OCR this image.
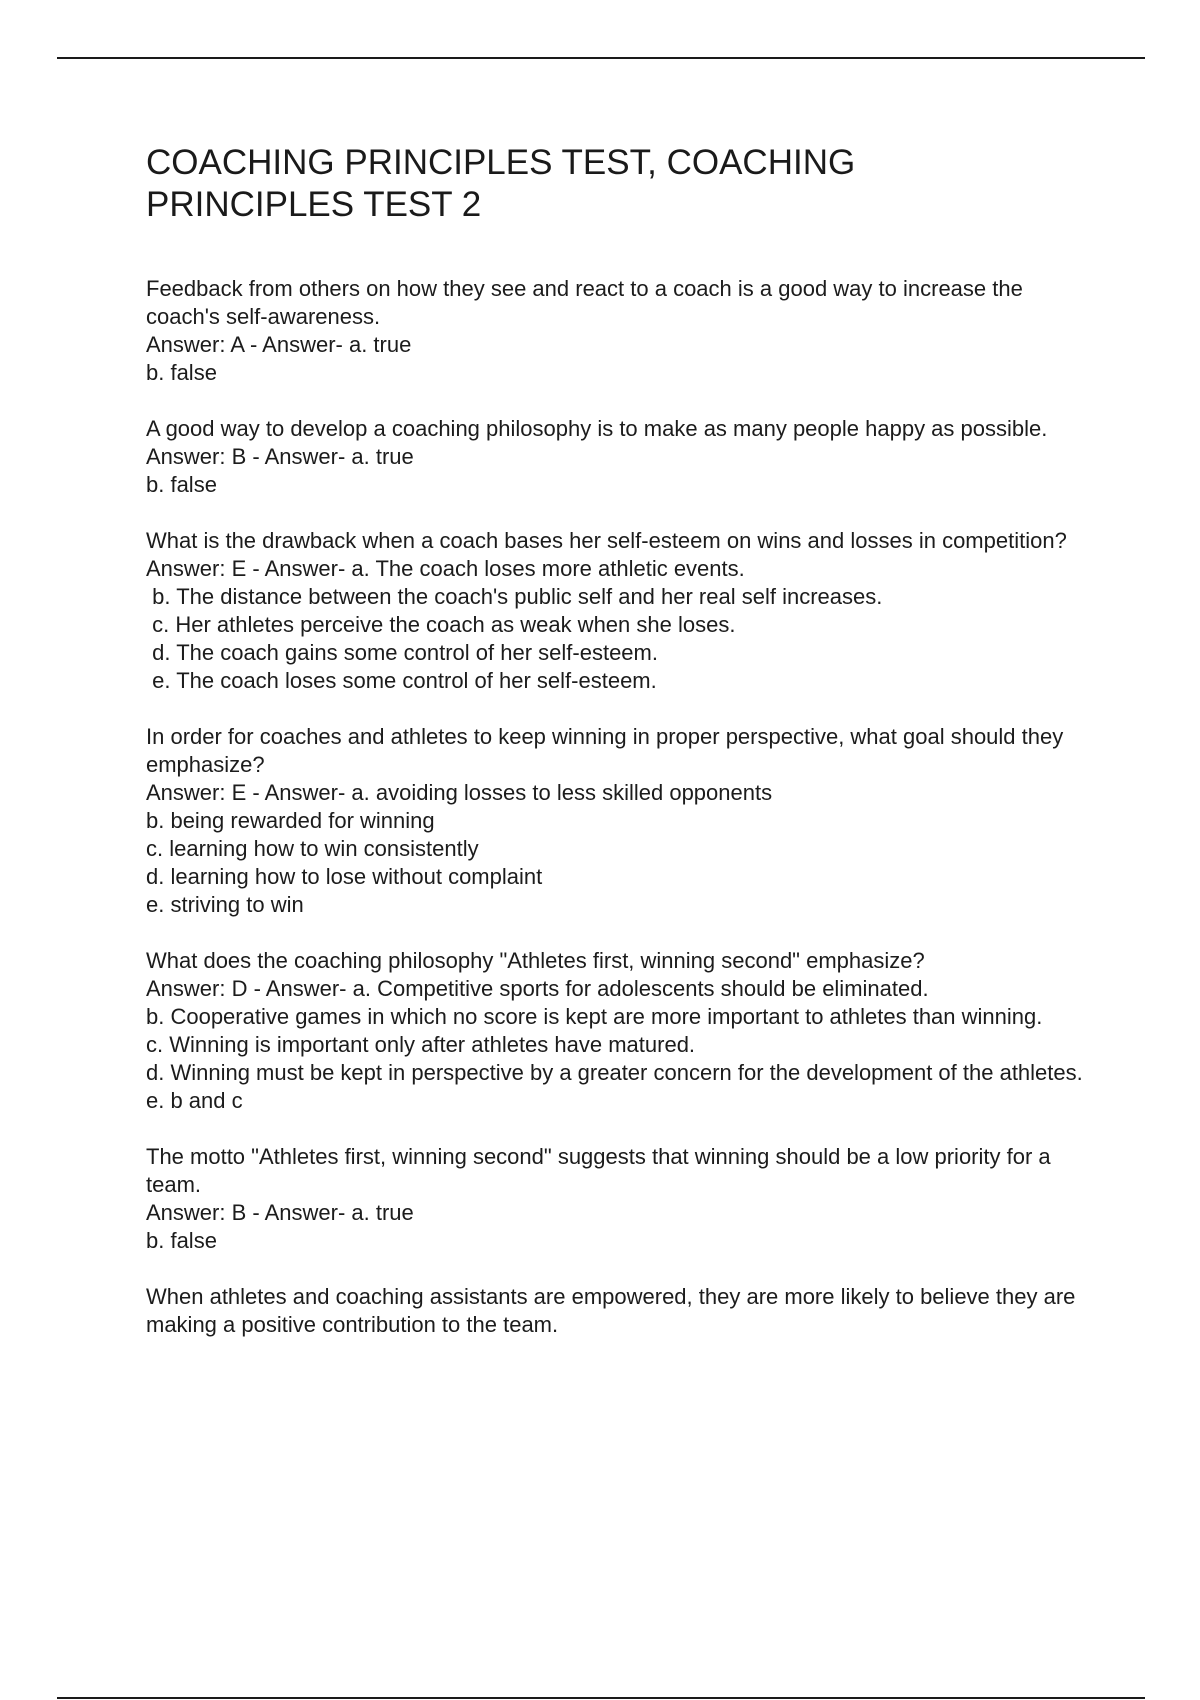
COACHING PRINCIPLES TEST, COACHING PRINCIPLES TEST 2

Feedback from others on how they see and react to a coach is a good way to increase the coach's self-awareness.

Answer: A - Answer- a. true

b. false

A good way to develop a coaching philosophy is to make as many people happy as possible.

Answer: B - Answer- a. true

b. false

What is the drawback when a coach bases her self-esteem on wins and losses in competition?

Answer: E - Answer- a. The coach loses more athletic events.

b. The distance between the coach's public self and her real self increases.

c. Her athletes perceive the coach as weak when she loses.

d. The coach gains some control of her self-esteem.

e. The coach loses some control of her self-esteem.

In order for coaches and athletes to keep winning in proper perspective, what goal should they emphasize?

Answer: E - Answer- a. avoiding losses to less skilled opponents

b. being rewarded for winning

c. learning how to win consistently

d. learning how to lose without complaint

e. striving to win

What does the coaching philosophy "Athletes first, winning second" emphasize?

Answer: D - Answer- a. Competitive sports for adolescents should be eliminated.

b. Cooperative games in which no score is kept are more important to athletes than winning.

c. Winning is important only after athletes have matured.

d. Winning must be kept in perspective by a greater concern for the development of the athletes.

e. b and c

The motto "Athletes first, winning second" suggests that winning should be a low priority for a team.

Answer: B - Answer- a. true

b. false

When athletes and coaching assistants are empowered, they are more likely to believe they are making a positive contribution to the team.
